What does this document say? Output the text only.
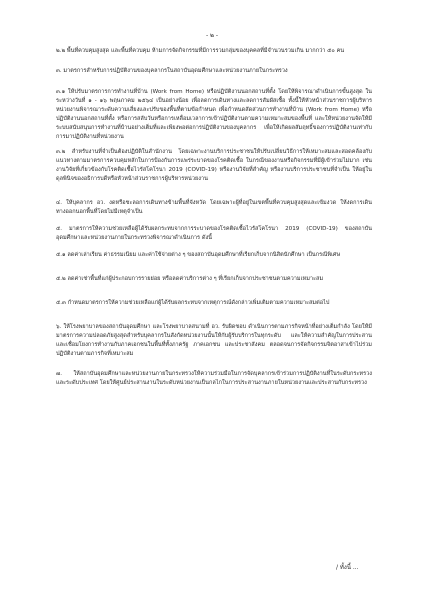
- ๒ -

๒.๒ พื้นที่ควบคุมสูงสุด และพื้นที่ควบคุม ห้ามการจัดกิจกรรมที่มีการรวมกลุ่มของบุคคลที่มีจำนวนรวมเกิน มากกว่า ๕๐ คน

๓. มาตรการสำหรับการปฏิบัติงานของบุคลากรในสถาบันอุดมศึกษาและหน่วยงานภายในกระทรวง

๓.๑ ให้ปรับมาตรการการทำงานที่บ้าน (Work from Home) หรือปฏิบัติงานนอกสถานที่ตั้ง โดยให้พิจารณาดำเนินการขั้นสูงสุด ในระหว่างวันที่ ๑ - ๑๖ พฤษภาคม ๒๕๖๔ เป็นอย่างน้อย เพื่อลดการเดินทางและลดการสัมผัสเชื้อ ทั้งนี้ให้หัวหน้าส่วนราชการผู้บริหารหน่วยงานพิจารณาระดับความเสี่ยงและปรับของพื้นที่ตามข้อกำหนด เพื่อกำหนดสัดส่วนการทำงานที่บ้าน (Work from Home) หรือปฏิบัติงานนอกสถานที่ตั้ง หรือการสลับวันหรือการเหลื่อมเวลาการเข้าปฏิบัติงานตามความเหมาะสมของพื้นที่ และให้หน่วยงานจัดให้มีระบบสนับสนุนการทำงานที่บ้านอย่างเต็มที่และเพียงพอต่อการปฏิบัติงานของบุคลากร เพื่อให้เกิดผลสัมฤทธิ์ของการปฏิบัติงานเท่ากับการมาปฏิบัติงานที่หน่วยงาน

๓.๒ สำหรับงานที่จำเป็นต้องปฏิบัติในสำนักงาน โดยเฉพาะงานบริการประชาชนให้ปรับเปลี่ยนวิธีการให้เหมาะสมและสอดคล้องกับแนวทางตามมาตรการควบคุมหลักในการป้องกันการแพร่ระบาดของโรคติดเชื้อ ในกรณีของงานหรือกิจกรรมที่มีผู้เข้าร่วมไม่มาก เช่น งานวิจัยที่เกี่ยวข้องกับโรคติดเชื้อไวรัสโคโรนา 2019 (COVID-19) หรืองานวิจัยที่สำคัญ หรืองานบริการประชาชนที่จำเป็น ให้อยู่ในดุลพินิจของอธิการบดีหรือหัวหน้าส่วนราชการผู้บริหารหน่วยงาน

๔. ให้บุคลากร อว. งดหรือชะลอการเดินทางข้ามพื้นที่จังหวัด โดยเฉพาะผู้ที่อยู่ในเขตพื้นที่ควบคุมสูงสุดและเข้มงวด ให้งดการเดินทางออกนอกพื้นที่โดยไม่มีเหตุจำเป็น

๕. มาตรการให้ความช่วยเหลือผู้ได้รับผลกระทบจากการระบาดของโรคติดเชื้อไวรัสโคโรนา 2019 (COVID-19) ของสถาบันอุดมศึกษาและหน่วยงานภายในกระทรวงพิจารณาดำเนินการ ดังนี้

๕.๑ ลดค่าเล่าเรียน ค่าธรรมเนียม และค่าใช้จ่ายต่าง ๆ ของสถาบันอุดมศึกษาที่เรียกเก็บจากนิสิตนักศึกษา เป็นกรณีพิเศษ

๕.๒ ลดค่าเช่าพื้นที่แก่ผู้ประกอบการรายย่อย หรือลดค่าบริการต่าง ๆ ที่เรียกเก็บจากประชาชนตามความเหมาะสม

๕.๓ กำหนดมาตรการให้ความช่วยเหลือแก่ผู้ได้รับผลกระทบจากเหตุการณ์ดังกล่าวเพิ่มเติมตามความเหมาะสมต่อไป

๖. ให้โรงพยาบาลของสถาบันอุดมศึกษา และโรงพยาบาลสนามที่ อว. รับผิดชอบ ดำเนินการตามภารกิจหน้าที่อย่างเต็มกำลัง โดยให้มีมาตรการความปลอดภัยสูงสุดสำหรับบุคลากรในสังกัดหน่วยงานนั้นให้กับผู้รับบริการในทุกระดับ และให้ความสำคัญในการประสานและเชื่อมโยงการทำงานกับภาคเอกชนในพื้นที่ทั้งภาครัฐ ภาคเอกชน และประชาสังคม ตลอดจนการจัดกิจกรรมจิตอาสาเข้าไปร่วมปฏิบัติงานตามภารกิจที่เหมาะสม

๗. ให้สถาบันอุดมศึกษาและหน่วยงานภายในกระทรวงให้ความร่วมมือในการจัดบุคลากรเข้าร่วมการปฏิบัติงานที่ในระดับกระทรวงและระดับประเทศ โดยให้ศูนย์ประสานงานในระดับหน่วยงานเป็นกลไกในการประสานงานภายในหน่วยงานและประสานกับกระทรวง

/ ทั้งนี้ ...
